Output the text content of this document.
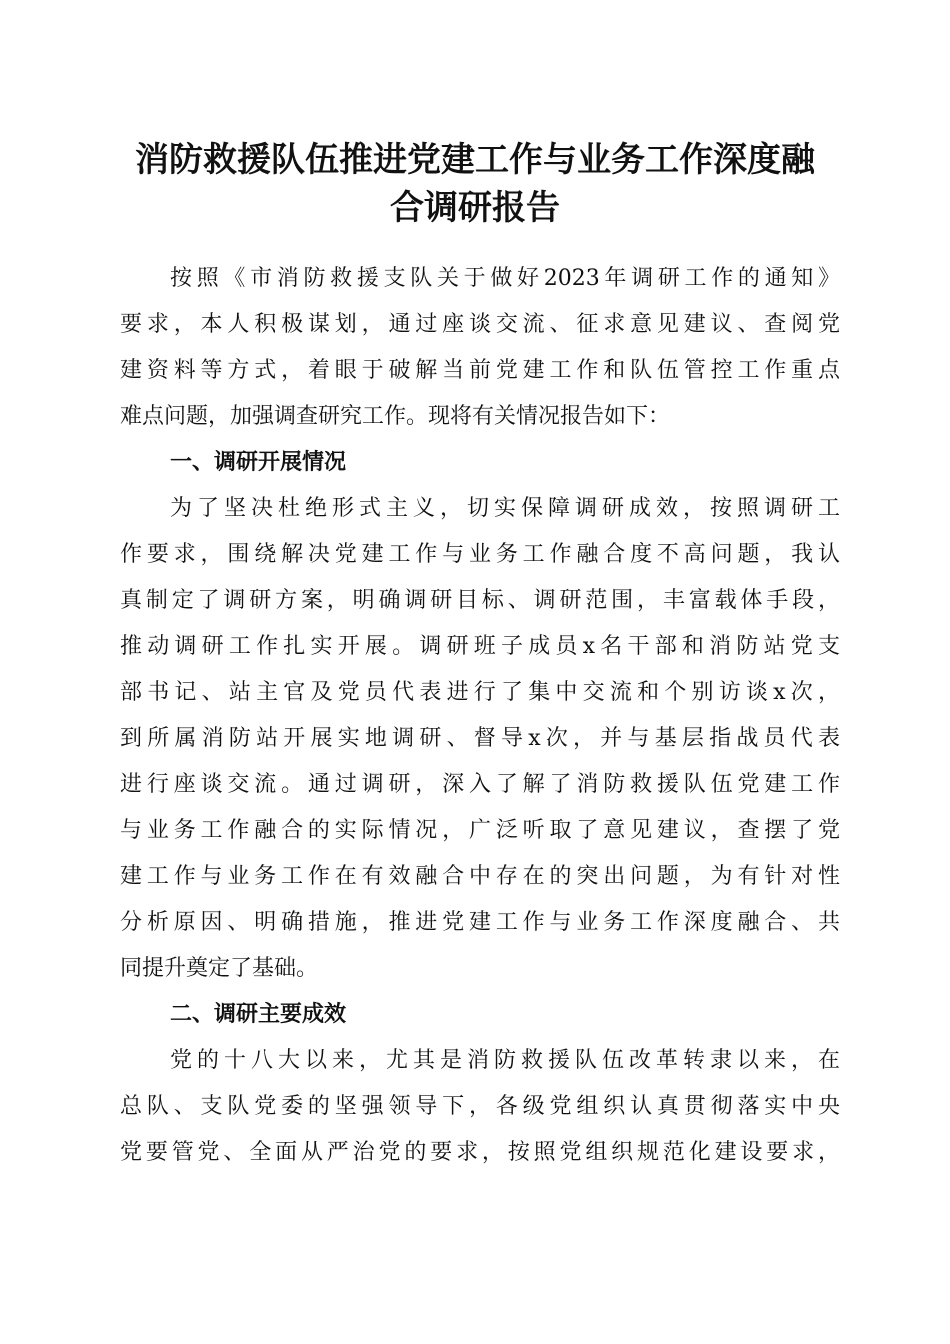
消防救援队伍推进党建工作与业务工作深度融
合调研报告
按照《市消防救援支队关于做好2023年调研工作的通知》
要求，本人积极谋划，通过座谈交流、征求意见建议、查阅党
建资料等方式，着眼于破解当前党建工作和队伍管控工作重点
难点问题，加强调查研究工作。现将有关情况报告如下：
一、调研开展情况
为了坚决杜绝形式主义，切实保障调研成效，按照调研工
作要求，围绕解决党建工作与业务工作融合度不高问题，我认
真制定了调研方案，明确调研目标、调研范围，丰富载体手段，
推动调研工作扎实开展。调研班子成员x名干部和消防站党支
部书记、站主官及党员代表进行了集中交流和个别访谈x次，
到所属消防站开展实地调研、督导x次，并与基层指战员代表
进行座谈交流。通过调研，深入了解了消防救援队伍党建工作
与业务工作融合的实际情况，广泛听取了意见建议，查摆了党
建工作与业务工作在有效融合中存在的突出问题，为有针对性
分析原因、明确措施，推进党建工作与业务工作深度融合、共
同提升奠定了基础。
二、调研主要成效
党的十八大以来，尤其是消防救援队伍改革转隶以来，在
总队、支队党委的坚强领导下，各级党组织认真贯彻落实中央
党要管党、全面从严治党的要求，按照党组织规范化建设要求，
